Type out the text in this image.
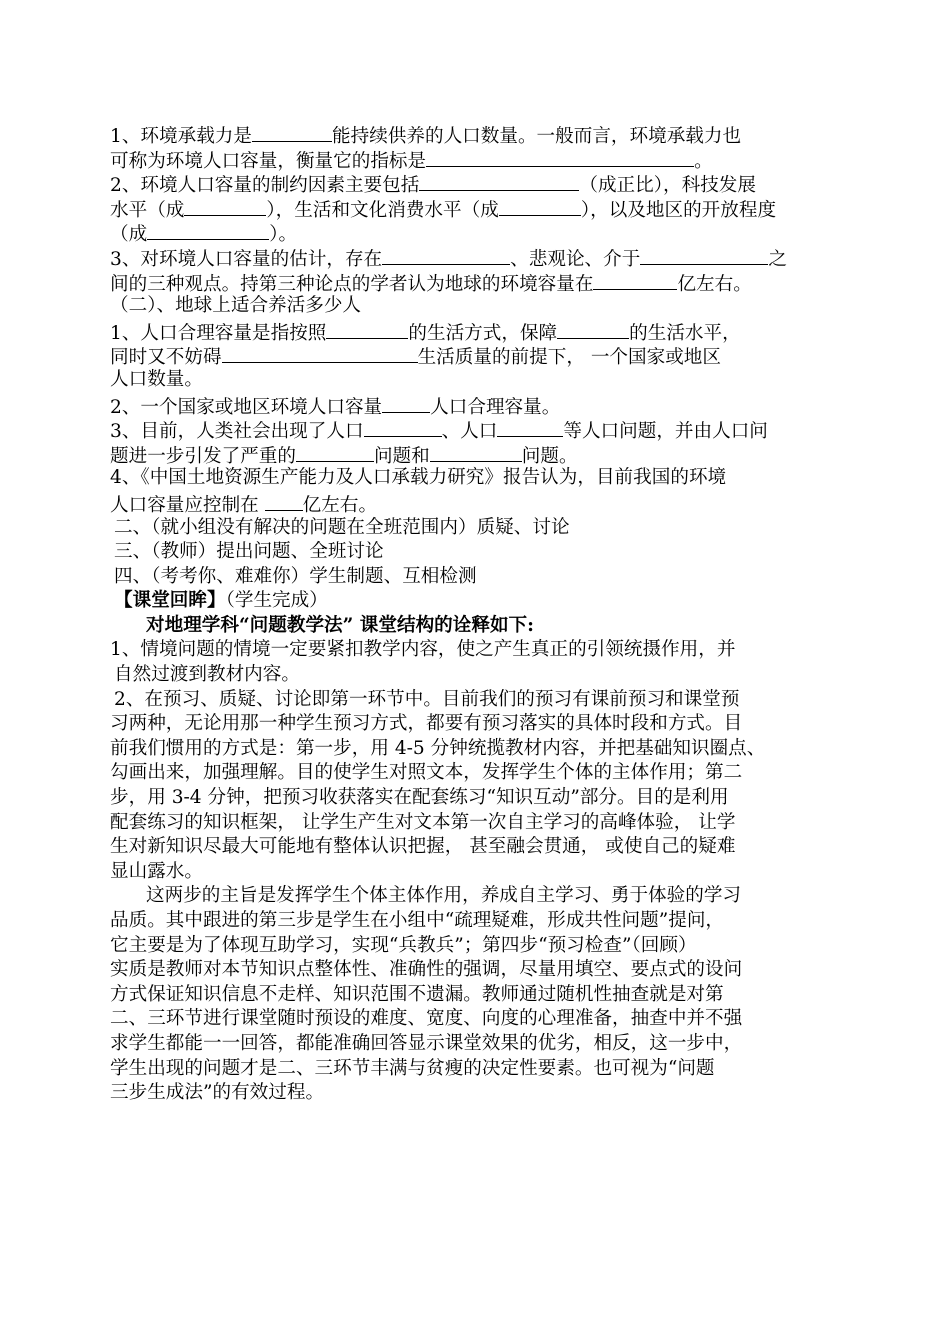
1、环境承载力是	能持续供养的人口数量。一般而言，环境承载力也
可称为环境人口容量，衡量它的指标是	。
2、环境人口容量的制约因素主要包括	（成正比），科技发展
水平（成	），生活和文化消费水平（成	），以及地区的开放程度
（成	）。
3、对环境人口容量的估计，存在	、悲观论、介于	之
间的三种观点。持第三种论点的学者认为地球的环境容量在	亿左右。
（二）、地球上适合养活多少人
1、人口合理容量是指按照	的生活方式，保障	的生活水平，
同时又不妨碍	生活质量的前提下， 一个国家或地区
人口数量。
2、一个国家或地区环境人口容量	人口合理容量。
3、目前，人类社会出现了人口	、人口	等人口问题，并由人口问
题进一步引发了严重的	问题和	问题。
4、《中国土地资源生产能力及人口承载力研究》报告认为，目前我国的环境
人口容量应控制在 亿左右。
二、（就小组没有解决的问题在全班范围内）质疑、讨论
三、（教师）提出问题、全班讨论
四、（考考你、难难你）学生制题、互相检测
【课堂回眸】（学生完成）
对地理学科“问题教学法” 课堂结构的诠释如下:
1、情境问题的情境一定要紧扣教学内容，使之产生真正的引领统摄作用，并
自然过渡到教材内容。
2、在预习、质疑、讨论即第一环节中。目前我们的预习有课前预习和课堂预
习两种，无论用那一种学生预习方式，都要有预习落实的具体时段和方式。目
前我们惯用的方式是：第一步，用 4-5 分钟统揽教材内容，并把基础知识圈点、
勾画出来，加强理解。目的使学生对照文本，发挥学生个体的主体作用；第二
步，用 3-4 分钟，把预习收获落实在配套练习“知识互动”部分。目的是利用
配套练习的知识框架， 让学生产生对文本第一次自主学习的高峰体验， 让学
生对新知识尽最大可能地有整体认识把握， 甚至融会贯通， 或使自己的疑难
显山露水。
这两步的主旨是发挥学生个体主体作用，养成自主学习、勇于体验的学习
品质。其中跟进的第三步是学生在小组中“疏理疑难，形成共性问题”提问，
它主要是为了体现互助学习，实现“兵教兵”；第四步“预习检查”（回顾）
实质是教师对本节知识点整体性、准确性的强调，尽量用填空、要点式的设问
方式保证知识信息不走样、知识范围不遗漏。教师通过随机性抽查就是对第
二、三环节进行课堂随时预设的难度、宽度、向度的心理准备，抽查中并不强
求学生都能一一回答，都能准确回答显示课堂效果的优劣，相反，这一步中，
学生出现的问题才是二、三环节丰满与贫瘦的决定性要素。也可视为“问题
三步生成法”的有效过程。
